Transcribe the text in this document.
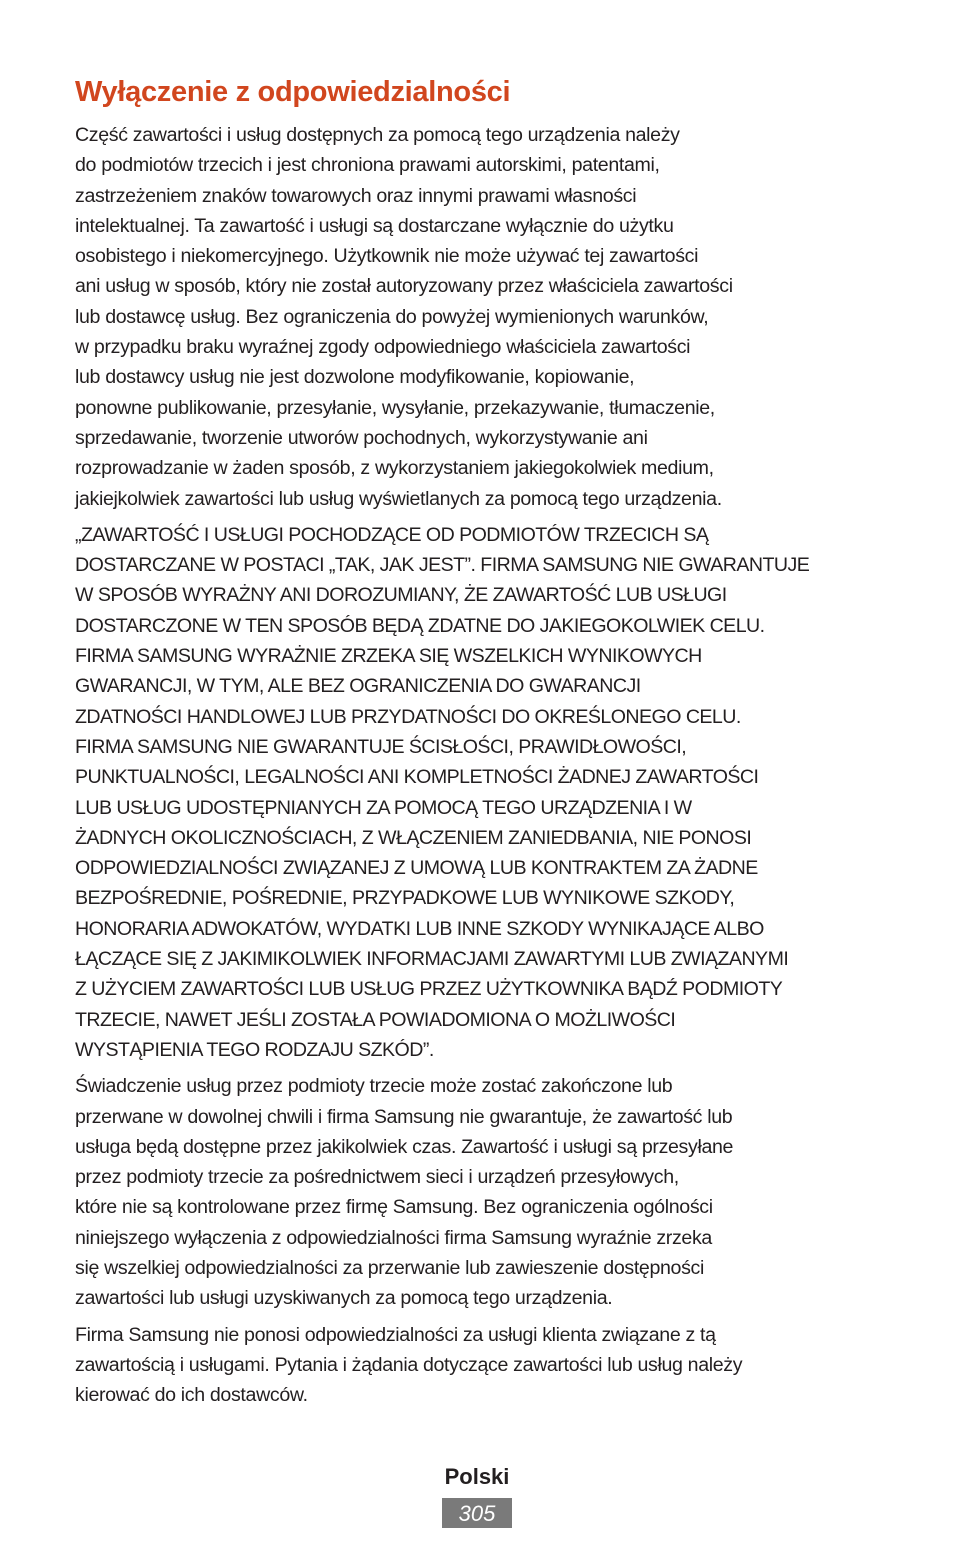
Wyłączenie z odpowiedzialności

Część zawartości i usług dostępnych za pomocą tego urządzenia należy
do podmiotów trzecich i jest chroniona prawami autorskimi, patentami,
zastrzeżeniem znaków towarowych oraz innymi prawami własności
intelektualnej. Ta zawartość i usługi są dostarczane wyłącznie do użytku
osobistego i niekomercyjnego. Użytkownik nie może używać tej zawartości
ani usług w sposób, który nie został autoryzowany przez właściciela zawartości
lub dostawcę usług. Bez ograniczenia do powyżej wymienionych warunków,
w przypadku braku wyraźnej zgody odpowiedniego właściciela zawartości
lub dostawcy usług nie jest dozwolone modyfikowanie, kopiowanie,
ponowne publikowanie, przesyłanie, wysyłanie, przekazywanie, tłumaczenie,
sprzedawanie, tworzenie utworów pochodnych, wykorzystywanie ani
rozprowadzanie w żaden sposób, z wykorzystaniem jakiegokolwiek medium,
jakiejkolwiek zawartości lub usług wyświetlanych za pomocą tego urządzenia.

„ZAWARTOŚĆ I USŁUGI POCHODZĄCE OD PODMIOTÓW TRZECICH SĄ
DOSTARCZANE W POSTACI „TAK, JAK JEST”. FIRMA SAMSUNG NIE GWARANTUJE
W SPOSÓB WYRAŻNY ANI DOROZUMIANY, ŻE ZAWARTOŚĆ LUB USŁUGI
DOSTARCZONE W TEN SPOSÓB BĘDĄ ZDATNE DO JAKIEGOKOLWIEK CELU.
FIRMA SAMSUNG WYRAŻNIE ZRZEKA SIĘ WSZELKICH WYNIKOWYCH
GWARANCJI, W TYM, ALE BEZ OGRANICZENIA DO GWARANCJI
ZDATNOŚCI HANDLOWEJ LUB PRZYDATNOŚCI DO OKREŚLONEGO CELU.
FIRMA SAMSUNG NIE GWARANTUJE ŚCISŁOŚCI, PRAWIDŁOWOŚCI,
PUNKTUALNOŚCI, LEGALNOŚCI ANI KOMPLETNOŚCI ŻADNEJ ZAWARTOŚCI
LUB USŁUG UDOSTĘPNIANYCH ZA POMOCĄ TEGO URZĄDZENIA I W
ŻADNYCH OKOLICZNOŚCIACH, Z WŁĄCZENIEM ZANIEDBANIA, NIE PONOSI
ODPOWIEDZIALNOŚCI ZWIĄZANEJ Z UMOWĄ LUB KONTRAKTEM ZA ŻADNE
BEZPOŚREDNIE, POŚREDNIE, PRZYPADKOWE LUB WYNIKOWE SZKODY,
HONORARIA ADWOKATÓW, WYDATKI LUB INNE SZKODY WYNIKAJĄCE ALBO
ŁĄCZĄCE SIĘ Z JAKIMIKOLWIEK INFORMACJAMI ZAWARTYMI LUB ZWIĄZANYMI
Z UŻYCIEM ZAWARTOŚCI LUB USŁUG PRZEZ UŻYTKOWNIKA BĄDŹ PODMIOTY
TRZECIE, NAWET JEŚLI ZOSTAŁA POWIADOMIONA O MOŻLIWOŚCI
WYSTĄPIENIA TEGO RODZAJU SZKÓD”.

Świadczenie usług przez podmioty trzecie może zostać zakończone lub
przerwane w dowolnej chwili i firma Samsung nie gwarantuje, że zawartość lub
usługa będą dostępne przez jakikolwiek czas. Zawartość i usługi są przesyłane
przez podmioty trzecie za pośrednictwem sieci i urządzeń przesyłowych,
które nie są kontrolowane przez firmę Samsung. Bez ograniczenia ogólności
niniejszego wyłączenia z odpowiedzialności firma Samsung wyraźnie zrzeka
się wszelkiej odpowiedzialności za przerwanie lub zawieszenie dostępności
zawartości lub usługi uzyskiwanych za pomocą tego urządzenia.

Firma Samsung nie ponosi odpowiedzialności za usługi klienta związane z tą
zawartością i usługami. Pytania i żądania dotyczące zawartości lub usług należy
kierować do ich dostawców.

Polski
305
